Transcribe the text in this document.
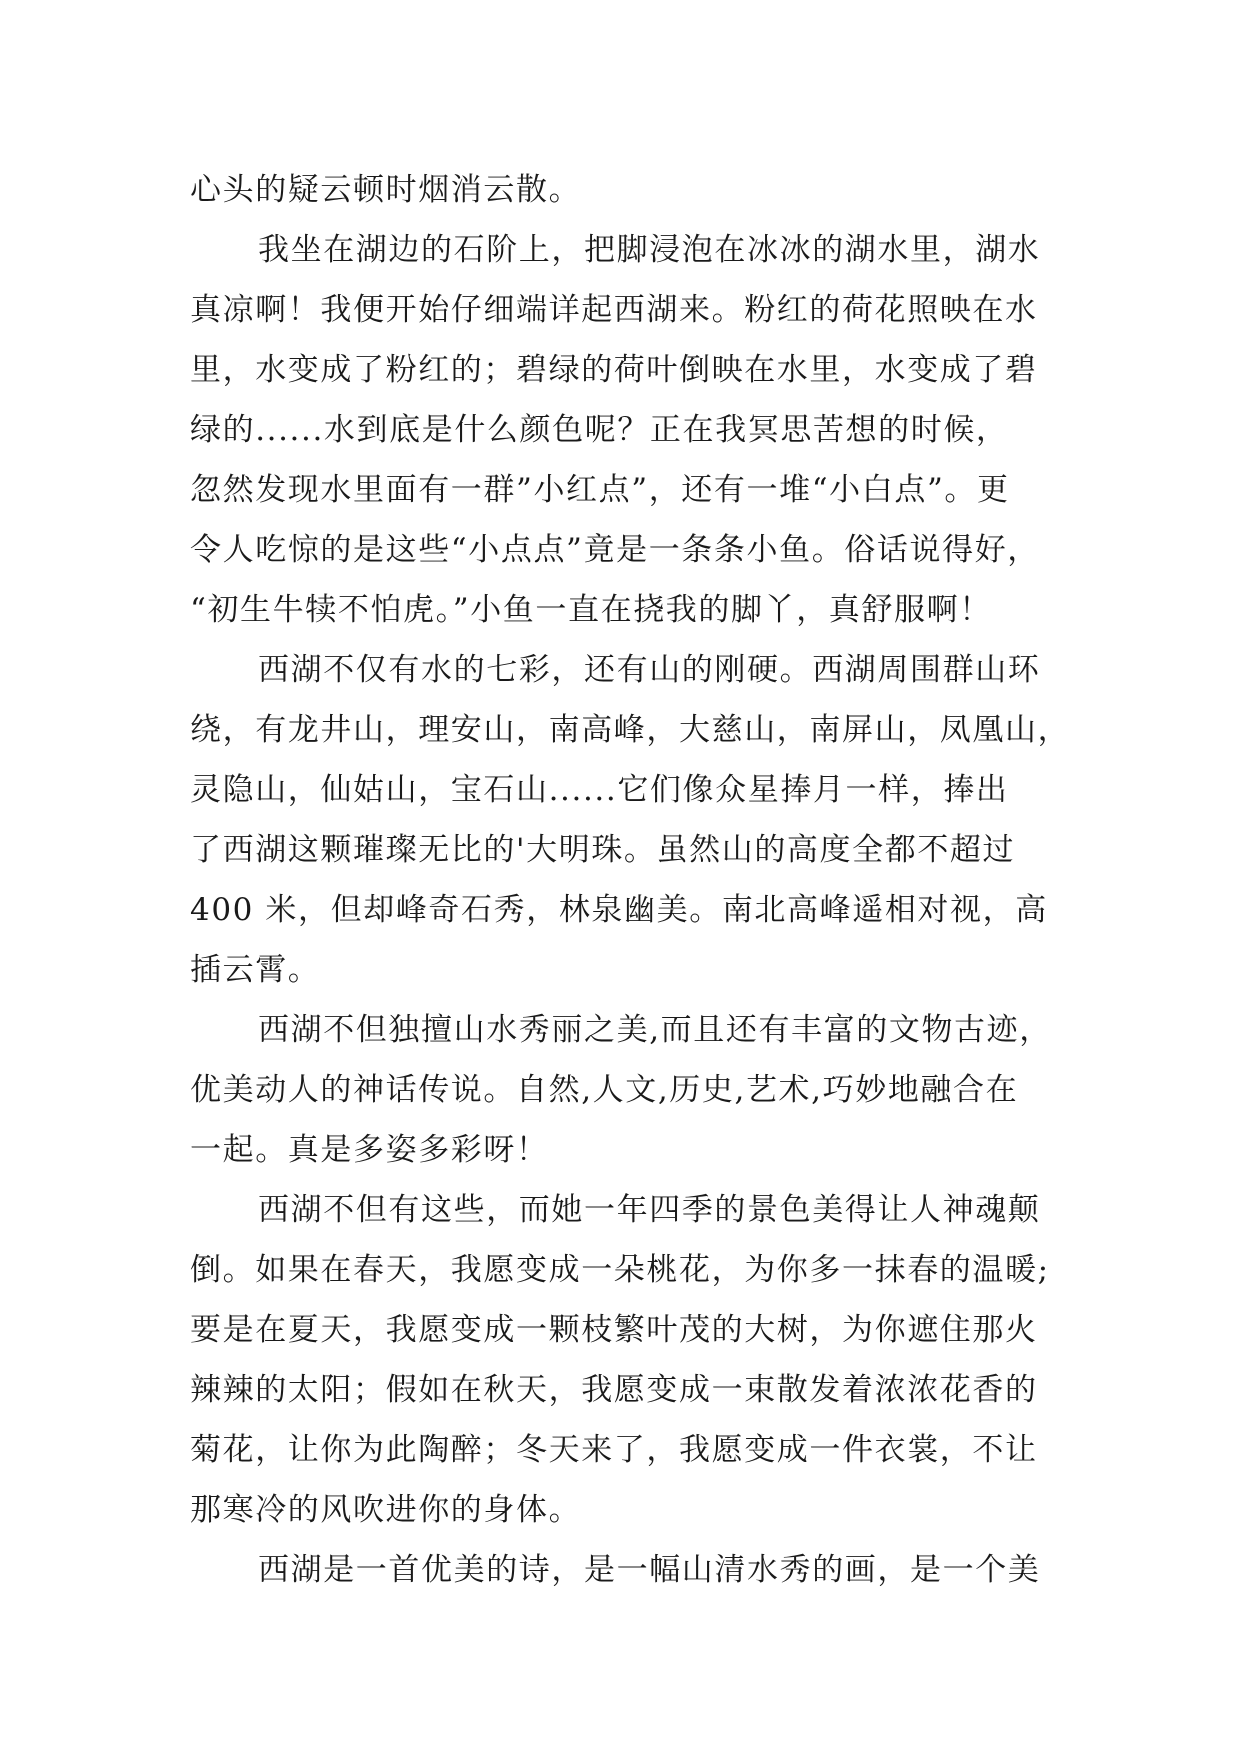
心头的疑云顿时烟消云散。
我坐在湖边的石阶上，把脚浸泡在冰冰的湖水里，湖水
真凉啊！我便开始仔细端详起西湖来。粉红的荷花照映在水
里，水变成了粉红的；碧绿的荷叶倒映在水里，水变成了碧
绿的......水到底是什么颜色呢？正在我冥思苦想的时候，
忽然发现水里面有一群”小红点”，还有一堆“小白点”。更
令人吃惊的是这些“小点点”竟是一条条小鱼。俗话说得好，
“初生牛犊不怕虎。”小鱼一直在挠我的脚丫，真舒服啊！
西湖不仅有水的七彩，还有山的刚硬。西湖周围群山环
绕，有龙井山，理安山，南高峰，大慈山，南屏山，凤凰山，
灵隐山，仙姑山，宝石山......它们像众星捧月一样，捧出
了西湖这颗璀璨无比的'大明珠。虽然山的高度全都不超过
400 米，但却峰奇石秀，林泉幽美。南北高峰遥相对视，高
插云霄。
西湖不但独擅山水秀丽之美,而且还有丰富的文物古迹，
优美动人的神话传说。自然,人文,历史,艺术,巧妙地融合在
一起。真是多姿多彩呀！
西湖不但有这些，而她一年四季的景色美得让人神魂颠
倒。如果在春天，我愿变成一朵桃花，为你多一抹春的温暖;
要是在夏天，我愿变成一颗枝繁叶茂的大树，为你遮住那火
辣辣的太阳；假如在秋天，我愿变成一束散发着浓浓花香的
菊花，让你为此陶醉；冬天来了，我愿变成一件衣裳，不让
那寒冷的风吹进你的身体。
西湖是一首优美的诗，是一幅山清水秀的画，是一个美
